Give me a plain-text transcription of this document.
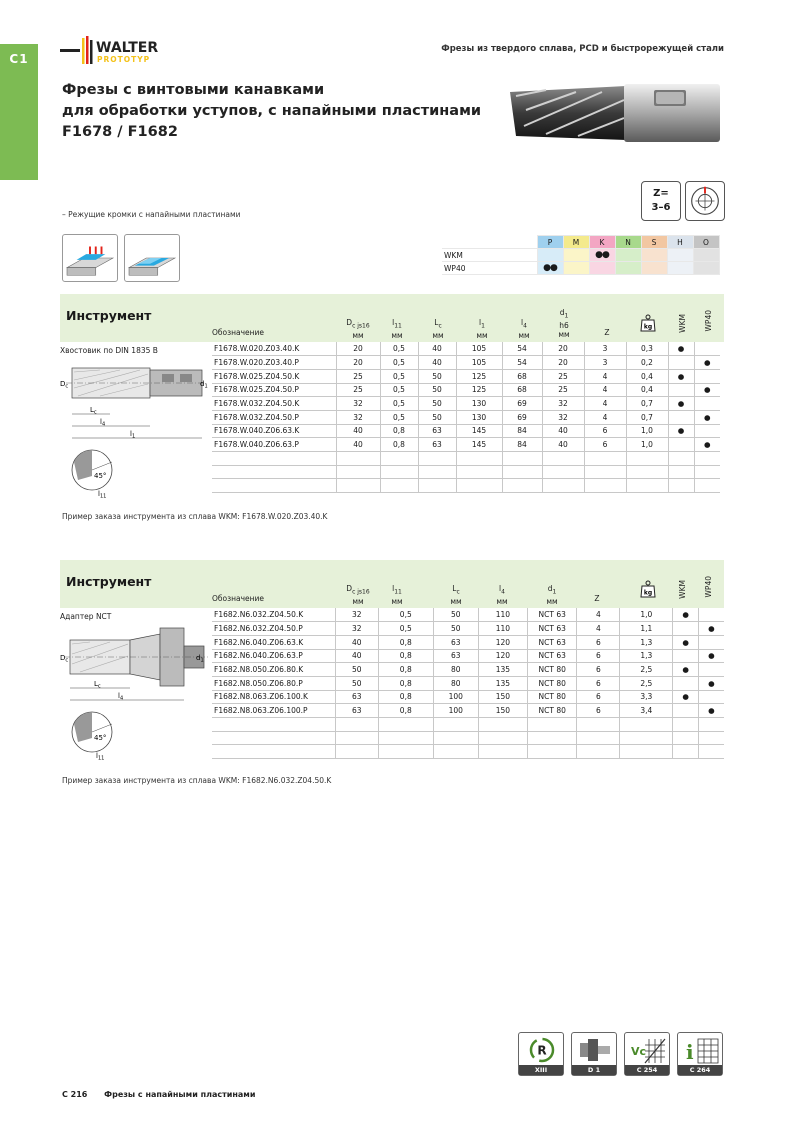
C1
WALTER
PROTOTYP
Фрезы из твердого сплава, PCD и быстрорежущей стали
Фрезы с винтовыми канавками
для обработки уступов, с напайными пластинами
F1678 / F1682
Z=
3–6
– Режущие кромки с напайными пластинами
	P	M	K	N	S	H	O
WKM			●●				
WP40	●●						
Инструмент
Обозначение
$D_{c js16}$
мм
$l_{11}$
мм
$L_c$
мм
$l_1$
мм
$l_4$
мм
$d_1$
h6
мм	Z
kg	WKM WP40
Хвостовик по DIN 1835 B
$D_c$	$d_1$
$L_c$
$l_4$
$l_1$
45°
$l_{11}$
F1678.W.020.Z03.40.K	20	0,5	40	105	54	20	3	0,3	●	
F1678.W.020.Z03.40.P	20	0,5	40	105	54	20	3	0,2		●
F1678.W.025.Z04.50.K	25	0,5	50	125	68	25	4	0,4	●	
F1678.W.025.Z04.50.P	25	0,5	50	125	68	25	4	0,4		●
F1678.W.032.Z04.50.K	32	0,5	50	130	69	32	4	0,7	●	
F1678.W.032.Z04.50.P	32	0,5	50	130	69	32	4	0,7		●
F1678.W.040.Z06.63.K	40	0,8	63	145	84	40	6	1,0	●	
F1678.W.040.Z06.63.P	40	0,8	63	145	84	40	6	1,0		●

Пример заказа инструмента из сплава WKM: F1678.W.020.Z03.40.K
Инструмент
Обозначение
$D_{c js16}$
мм
$l_{11}$
мм
$L_c$
мм
$l_4$
мм
$d_1$
мм	Z
kg	WKM WP40
Адаптер NCT
$D_c$	$d_1$
$L_c$
$l_4$
45°
$l_{11}$
F1682.N6.032.Z04.50.K	32	0,5	50	110	NCT 63	4	1,0	●	
F1682.N6.032.Z04.50.P	32	0,5	50	110	NCT 63	4	1,1		●
F1682.N6.040.Z06.63.K	40	0,8	63	120	NCT 63	6	1,3	●	
F1682.N6.040.Z06.63.P	40	0,8	63	120	NCT 63	6	1,3		●
F1682.N8.050.Z06.80.K	50	0,8	80	135	NCT 80	6	2,5	●	
F1682.N8.050.Z06.80.P	50	0,8	80	135	NCT 80	6	2,5		●
F1682.N8.063.Z06.100.K	63	0,8	100	150	NCT 80	6	3,3	●	
F1682.N8.063.Z06.100.P	63	0,8	100	150	NCT 80	6	3,4		●

Пример заказа инструмента из сплава WKM: F1682.N6.032.Z04.50.K
R
XIII	D 1
Vc
C 254
i
C 264
C 216 Фрезы с напайными пластинами
